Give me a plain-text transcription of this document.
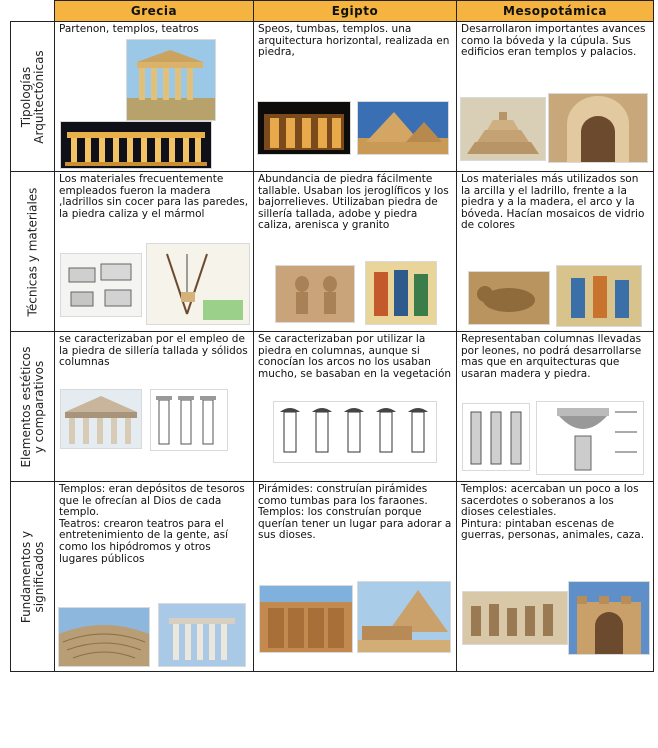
	Grecia	Egipto	Mesopotámica

Tipologías
Arquitectónicas	Partenon, templos, teatros	Speos, tumbas, templos. una arquitectura horizontal, realizada en piedra,	Desarrollaron importantes avances como la bóveda y la cúpula. Sus edificios eran templos y palacios.

Técnicas y materiales	Los materiales frecuentemente empleados fueron la madera ,ladrillos sin cocer para las paredes, la piedra caliza y el mármol	Abundancia de piedra fácilmente tallable. Usaban los jeroglíficos y los bajorrelieves. Utilizaban piedra de sillería tallada, adobe y piedra caliza, arenisca y granito	Los materiales más utilizados son la arcilla y el ladrillo, frente a la piedra y a la madera, el arco y la bóveda. Hacían mosaicos de vidrio de colores

Elementos estéticos
y comparativos	se caracterizaban por el empleo de la piedra de sillería tallada y sólidos columnas	Se caracterizaban por utilizar la piedra en columnas, aunque si conocían los arcos no los usaban mucho, se basaban en la vegetación	Representaban columnas llevadas por leones, no podrá desarrollarse mas que en arquitecturas que usaran madera y piedra.

Fundamentos y
significados	Templos: eran depósitos de tesoros que le ofrecían al Dios de cada templo.
Teatros: crearon teatros para el entretenimiento de la gente, así como los hipódromos y otros lugares públicos	Pirámides: construían pirámides como tumbas para los faraones. Templos: los construían porque querían tener un lugar para adorar a sus dioses.	Templos: acercaban un poco a los sacerdotes o soberanos a los dioses celestiales.
Pintura: pintaban escenas de guerras, personas, animales, caza.
